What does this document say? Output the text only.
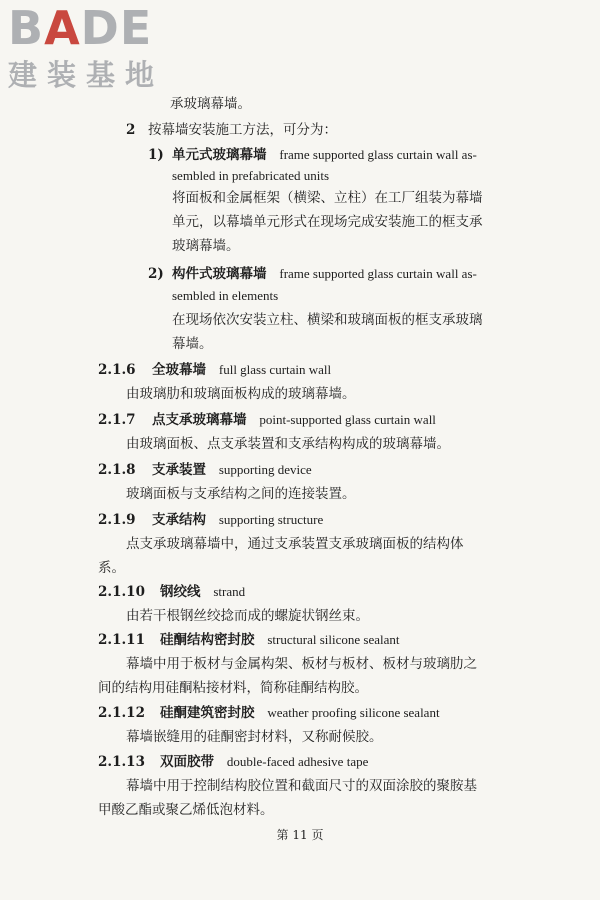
BADE
建装基地
承玻璃幕墙。
2 按幕墙安装施工方法，可分为：
1) 单元式玻璃幕墙 frame supported glass curtain wall as-
sembled in prefabricated units
将面板和金属框架（横梁、立柱）在工厂组装为幕墙
单元，以幕墙单元形式在现场完成安装施工的框支承
玻璃幕墙。
2) 构件式玻璃幕墙 frame supported glass curtain wall as-
sembled in elements
在现场依次安装立柱、横梁和玻璃面板的框支承玻璃
幕墙。
2.1.6 全玻幕墙 full glass curtain wall
由玻璃肋和玻璃面板构成的玻璃幕墙。
2.1.7 点支承玻璃幕墙 point-supported glass curtain wall
由玻璃面板、点支承装置和支承结构构成的玻璃幕墙。
2.1.8 支承装置 supporting device
玻璃面板与支承结构之间的连接装置。
2.1.9 支承结构 supporting structure
点支承玻璃幕墙中，通过支承装置支承玻璃面板的结构体
系。
2.1.10 钢绞线 strand
由若干根钢丝绞捻而成的螺旋状钢丝束。
2.1.11 硅酮结构密封胶 structural silicone sealant
幕墙中用于板材与金属构架、板材与板材、板材与玻璃肋之
间的结构用硅酮粘接材料，简称硅酮结构胶。
2.1.12 硅酮建筑密封胶 weather proofing silicone sealant
幕墙嵌缝用的硅酮密封材料，又称耐候胶。
2.1.13 双面胶带 double-faced adhesive tape
幕墙中用于控制结构胶位置和截面尺寸的双面涂胶的聚胺基
甲酸乙酯或聚乙烯低泡材料。
第 11 页
